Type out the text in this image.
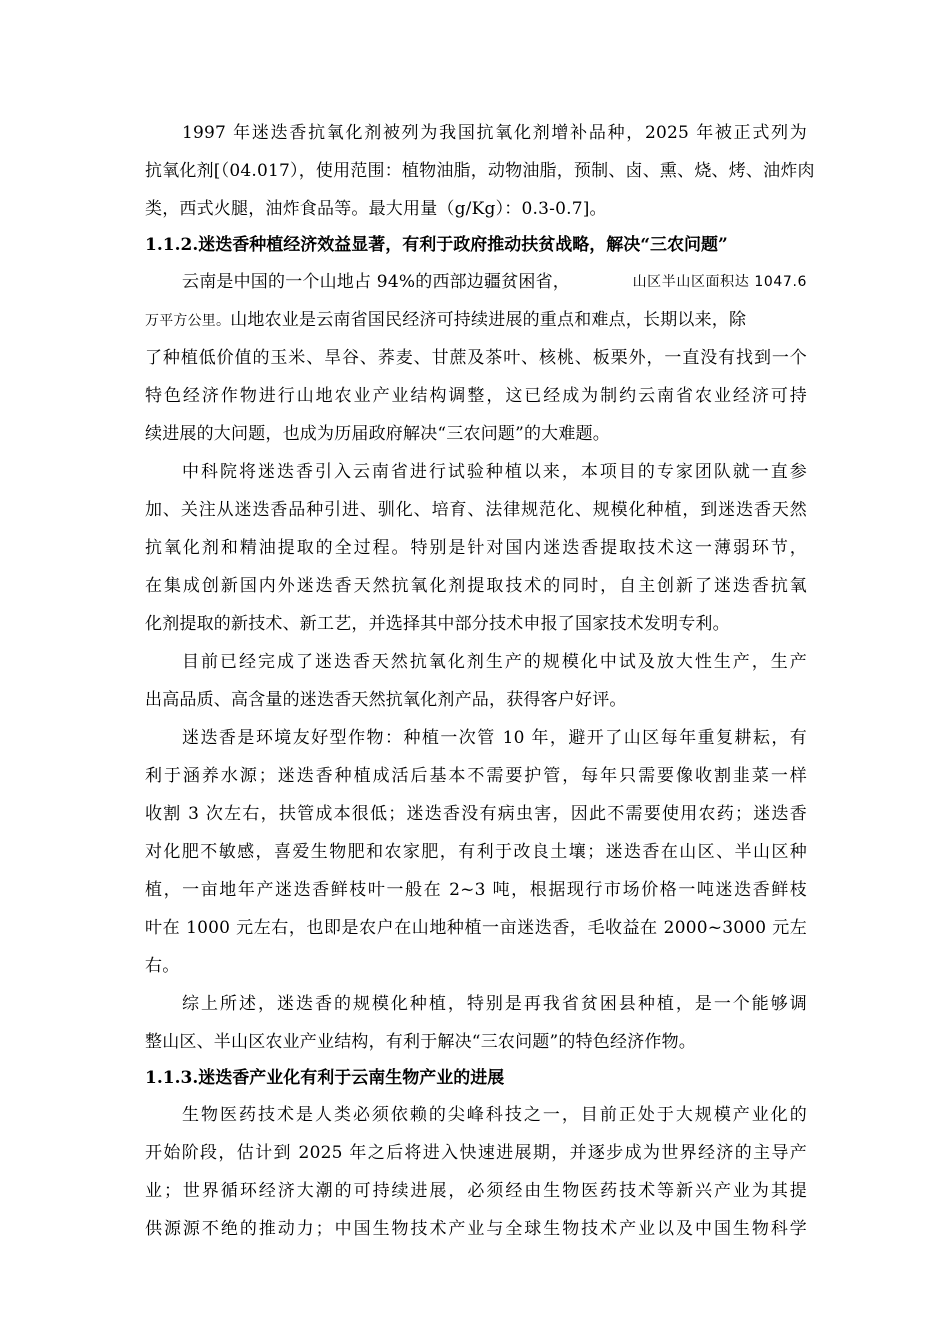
1997 年迷迭香抗氧化剂被列为我国抗氧化剂增补品种，2025 年被正式列为
抗氧化剂[（04.017），使用范围：植物油脂，动物油脂，预制、卤、熏、烧、烤、油炸肉
类，西式火腿，油炸食品等。最大用量（g/Kg）：0.3-0.7]。
1.1.2.迷迭香种植经济效益显著，有利于政府推动扶贫战略，解决“三农问题”
云南是中国的一个山地占 94%的西部边疆贫困省，	山区半山区面积达 1047.6
万平方公里。山地农业是云南省国民经济可持续进展的重点和难点，长期以来，除
了种植低价值的玉米、旱谷、荞麦、甘蔗及茶叶、核桃、板栗外，一直没有找到一个
特色经济作物进行山地农业产业结构调整，这已经成为制约云南省农业经济可持
续进展的大问题，也成为历届政府解决“三农问题”的大难题。
中科院将迷迭香引入云南省进行试验种植以来，本项目的专家团队就一直参
加、关注从迷迭香品种引进、驯化、培育、法律规范化、规模化种植，到迷迭香天然
抗氧化剂和精油提取的全过程。特别是针对国内迷迭香提取技术这一薄弱环节，
在集成创新国内外迷迭香天然抗氧化剂提取技术的同时，自主创新了迷迭香抗氧
化剂提取的新技术、新工艺，并选择其中部分技术申报了国家技术发明专利。
目前已经完成了迷迭香天然抗氧化剂生产的规模化中试及放大性生产，生产
出高品质、高含量的迷迭香天然抗氧化剂产品，获得客户好评。
迷迭香是环境友好型作物：种植一次管 10 年，避开了山区每年重复耕耘，有
利于涵养水源；迷迭香种植成活后基本不需要护管，每年只需要像收割韭菜一样
收割 3 次左右，扶管成本很低；迷迭香没有病虫害，因此不需要使用农药；迷迭香
对化肥不敏感，喜爱生物肥和农家肥，有利于改良土壤；迷迭香在山区、半山区种
植，一亩地年产迷迭香鲜枝叶一般在 2~3 吨，根据现行市场价格一吨迷迭香鲜枝
叶在 1000 元左右，也即是农户在山地种植一亩迷迭香，毛收益在 2000~3000 元左
右。
综上所述，迷迭香的规模化种植，特别是再我省贫困县种植，是一个能够调
整山区、半山区农业产业结构，有利于解决“三农问题”的特色经济作物。
1.1.3.迷迭香产业化有利于云南生物产业的进展
生物医药技术是人类必须依赖的尖峰科技之一，目前正处于大规模产业化的
开始阶段，估计到 2025 年之后将进入快速进展期，并逐步成为世界经济的主导产
业；世界循环经济大潮的可持续进展，必须经由生物医药技术等新兴产业为其提
供源源不绝的推动力；中国生物技术产业与全球生物技术产业以及中国生物科学
